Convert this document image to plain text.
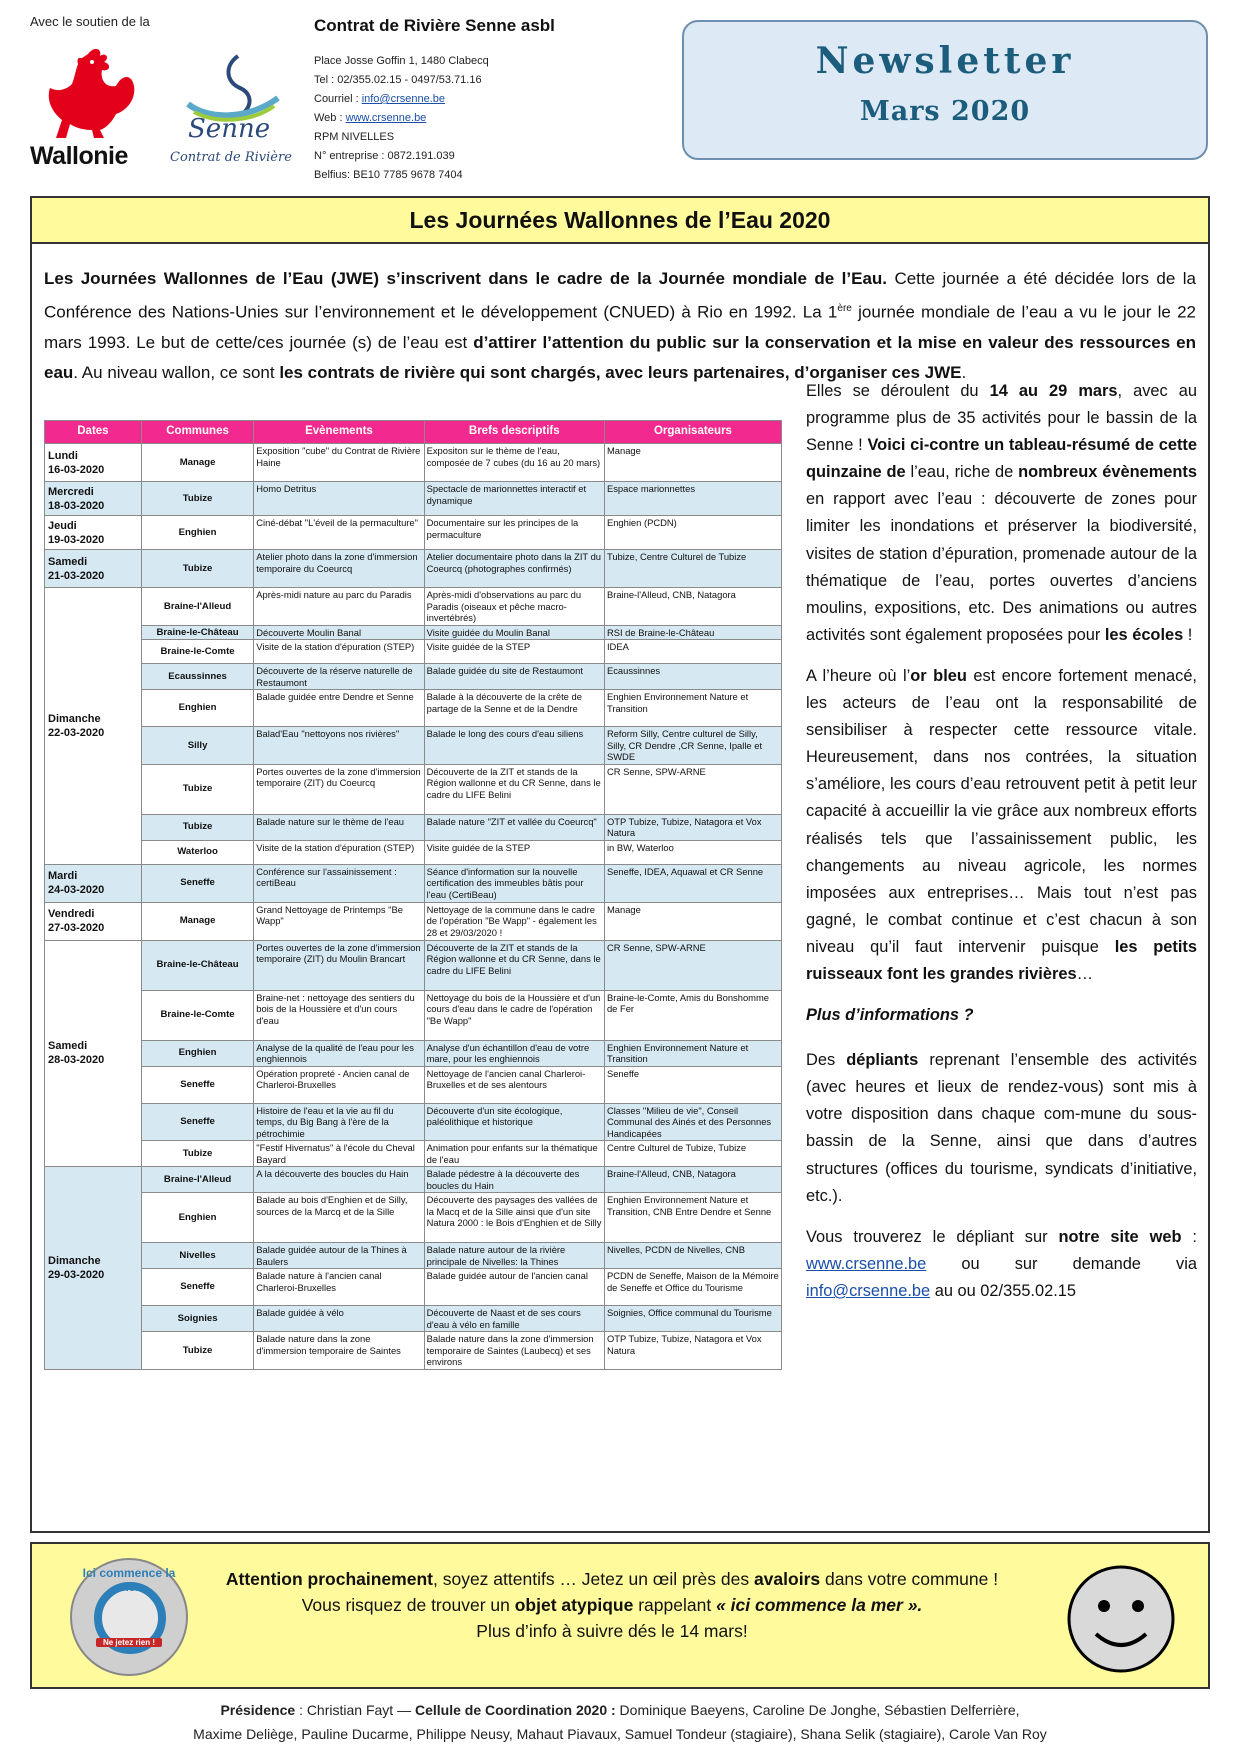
Avec le soutien de la
Wallonie
Senne
Contrat de Rivière
Contrat de Rivière Senne asbl
Place Josse Goffin 1, 1480 Clabecq
Tel : 02/355.02.15 - 0497/53.71.16
Courriel : info@crsenne.be
Web : www.crsenne.be
RPM NIVELLES
N° entreprise : 0872.191.039
Belfius: BE10 7785 9678 7404
Newsletter
Mars 2020
Les Journées Wallonnes de l’Eau 2020
Les Journées Wallonnes de l’Eau (JWE) s’inscrivent dans le cadre de la Journée mondiale de l’Eau. Cette journée a été décidée lors de la Conférence des Nations-Unies sur l’environnement et le développement (CNUED) à Rio en 1992. La 1ère journée mondiale de l’eau a vu le jour le 22 mars 1993. Le but de cette/ces journée (s) de l’eau est d’attirer l’attention du public sur la conservation et la mise en valeur des ressources en eau. Au niveau wallon, ce sont les contrats de rivière qui sont chargés, avec leurs partenaires, d’organiser ces JWE.
Dates	Communes	Evènements	Brefs descriptifs	Organisateurs

Lundi
16-03-2020	Manage	Exposition "cube" du Contrat de Rivière Haine	Expositon sur le thème de l'eau, composée de 7 cubes (du 16 au 20 mars)	Manage

Mercredi
18-03-2020	Tubize	Homo Detritus	Spectacle de marionnettes interactif et dynamique	Espace marionnettes

Jeudi
19-03-2020	Enghien	Ciné-débat "L'éveil de la permaculture"	Documentaire sur les principes de la permaculture	Enghien (PCDN)

Samedi
21-03-2020	Tubize	Atelier photo dans la zone d'immersion temporaire du Coeurcq	Atelier documentaire photo dans la ZIT du Coeurcq (photographes confirmés)	Tubize, Centre Culturel de Tubize

Dimanche
22-03-2020	Braine-l'Alleud	Après-midi nature au parc du Paradis	Après-midi d'observations au parc du Paradis (oiseaux et pêche macro-invertébrés)	Braine-l'Alleud, CNB, Natagora
	Braine-le-Château	Découverte Moulin Banal	Visite guidée du Moulin Banal	RSI de Braine-le-Château
	Braine-le-Comte	Visite de la station d'épuration (STEP)	Visite guidée de la STEP	IDEA
	Ecaussinnes	Découverte de la réserve naturelle de Restaumont	Balade guidée du site de Restaumont	Ecaussinnes
	Enghien	Balade guidée entre Dendre et Senne	Balade à la découverte de la crête de partage de la Senne et de la Dendre	Enghien Environnement Nature et Transition
	Silly	Balad'Eau "nettoyons nos rivières"	Balade le long des cours d'eau siliens	Reform Silly, Centre culturel de Silly, Silly, CR Dendre ,CR Senne, Ipalle et SWDE
	Tubize	Portes ouvertes de la zone d'immersion temporaire (ZIT) du Coeurcq	Découverte de la ZIT et stands de la Région wallonne et du CR Senne, dans le cadre du LIFE Belini	CR Senne, SPW-ARNE
	Tubize	Balade nature sur le thème de l'eau	Balade nature "ZIT et vallée du Coeurcq"	OTP Tubize, Tubize, Natagora et Vox Natura
	Waterloo	Visite de la station d'épuration (STEP)	Visite guidée de la STEP	in BW, Waterloo

Mardi
24-03-2020	Seneffe	Conférence sur l'assainissement : certiBeau	Séance d'information sur la nouvelle certification des immeubles bâtis pour l'eau (CertiBeau)	Seneffe, IDEA, Aquawal et CR Senne

Vendredi
27-03-2020	Manage	Grand Nettoyage de Printemps "Be Wapp"	Nettoyage de la commune dans le cadre de l'opération "Be Wapp" - également les 28 et 29/03/2020 !	Manage

Samedi
28-03-2020	Braine-le-Château	Portes ouvertes de la zone d'immersion temporaire (ZIT) du Moulin Brancart	Découverte de la ZIT et stands de la Région wallonne et du CR Senne, dans le cadre du LIFE Belini	CR Senne, SPW-ARNE
	Braine-le-Comte	Braine-net : nettoyage des sentiers du bois de la Houssière et d'un cours d'eau	Nettoyage du bois de la Houssière et d'un cours d'eau dans le cadre de l'opération "Be Wapp"	Braine-le-Comte, Amis du Bonshomme de Fer
	Enghien	Analyse de la qualité de l'eau pour les enghiennois	Analyse d'un échantillon d'eau de votre mare, pour les enghiennois	Enghien Environnement Nature et Transition
	Seneffe	Opération propreté - Ancien canal de Charleroi-Bruxelles	Nettoyage de l'ancien canal Charleroi-Bruxelles et de ses alentours	Seneffe
	Seneffe	Histoire de l'eau et la vie au fil du temps, du Big Bang à l'ère de la pétrochimie	Découverte d'un site écologique, paléolithique et historique	Classes "Milieu de vie", Conseil Communal des Ainés et des Personnes Handicapées
	Tubize	"Festif Hivernatus" à l'école du Cheval Bayard	Animation pour enfants sur la thématique de l'eau	Centre Culturel de Tubize, Tubize

Dimanche
29-03-2020	Braine-l'Alleud	A la découverte des boucles du Hain	Balade pédestre à la découverte des boucles du Hain	Braine-l'Alleud, CNB, Natagora
	Enghien	Balade au bois d'Enghien et de Silly, sources de la Marcq et de la Sille	Découverte des paysages des vallées de la Macq et de la Sille ainsi que d'un site Natura 2000 : le Bois d'Enghien et de Silly	Enghien Environnement Nature et Transition, CNB Entre Dendre et Senne
	Nivelles	Balade guidée autour de la Thines à Baulers	Balade nature autour de la rivière principale de Nivelles: la Thines	Nivelles, PCDN de Nivelles, CNB
	Seneffe	Balade nature à l'ancien canal Charleroi-Bruxelles	Balade guidée autour de l'ancien canal	PCDN de Seneffe, Maison de la Mémoire de Seneffe et Office du Tourisme
	Soignies	Balade guidée à vélo	Découverte de Naast et de ses cours d'eau à vélo en famille	Soignies, Office communal du Tourisme
	Tubize	Balade nature dans la zone d'immersion temporaire de Saintes	Balade nature dans la zone d'immersion temporaire de Saintes (Laubecq) et ses environs	OTP Tubize, Tubize, Natagora et Vox Natura

Elles se déroulent du 14 au 29 mars, avec au programme plus de 35 activités pour le bassin de la Senne ! Voici ci-contre un tableau-résumé de cette quinzaine de l’eau, riche de nombreux évènements en rapport avec l’eau : découverte de zones pour limiter les inondations et préserver la biodiversité, visites de station d’épuration, promenade autour de la thématique de l’eau, portes ouvertes d’anciens moulins, expositions, etc. Des animations ou autres activités sont également proposées pour les écoles !

A l’heure où l’or bleu est encore fortement menacé, les acteurs de l’eau ont la responsabilité de sensibiliser à respecter cette ressource vitale. Heureusement, dans nos contrées, la situation s’améliore, les cours d’eau retrouvent petit à petit leur capacité à accueillir la vie grâce aux nombreux efforts réalisés tels que l’assainissement public, les changements au niveau agricole, les normes imposées aux entreprises… Mais tout n’est pas gagné, le combat continue et c’est chacun à son niveau qu’il faut intervenir puisque les petits ruisseaux font les grandes rivières…

Plus d’informations ?

Des dépliants reprenant l’ensemble des activités (avec heures et lieux de rendez-vous) sont mis à votre disposition dans chaque com-mune du sous-bassin de la Senne, ainsi que dans d’autres structures (offices du tourisme, syndicats d’initiative, etc.).

Vous trouverez le dépliant sur notre site web : www.crsenne.be ou sur demande via info@crsenne.be au ou 02/355.02.15

Ici commence la mer
Ne jetez rien !
Attention prochainement, soyez attentifs … Jetez un œil près des avaloirs dans votre commune !
Vous risquez de trouver un objet atypique rappelant « ici commence la mer ».
Plus d’info à suivre dés le 14 mars!
Présidence : Christian Fayt — Cellule de Coordination 2020 : Dominique Baeyens, Caroline De Jonghe, Sébastien Delferrière,
Maxime Deliège, Pauline Ducarme, Philippe Neusy, Mahaut Piavaux, Samuel Tondeur (stagiaire), Shana Selik (stagiaire), Carole Van Roy
